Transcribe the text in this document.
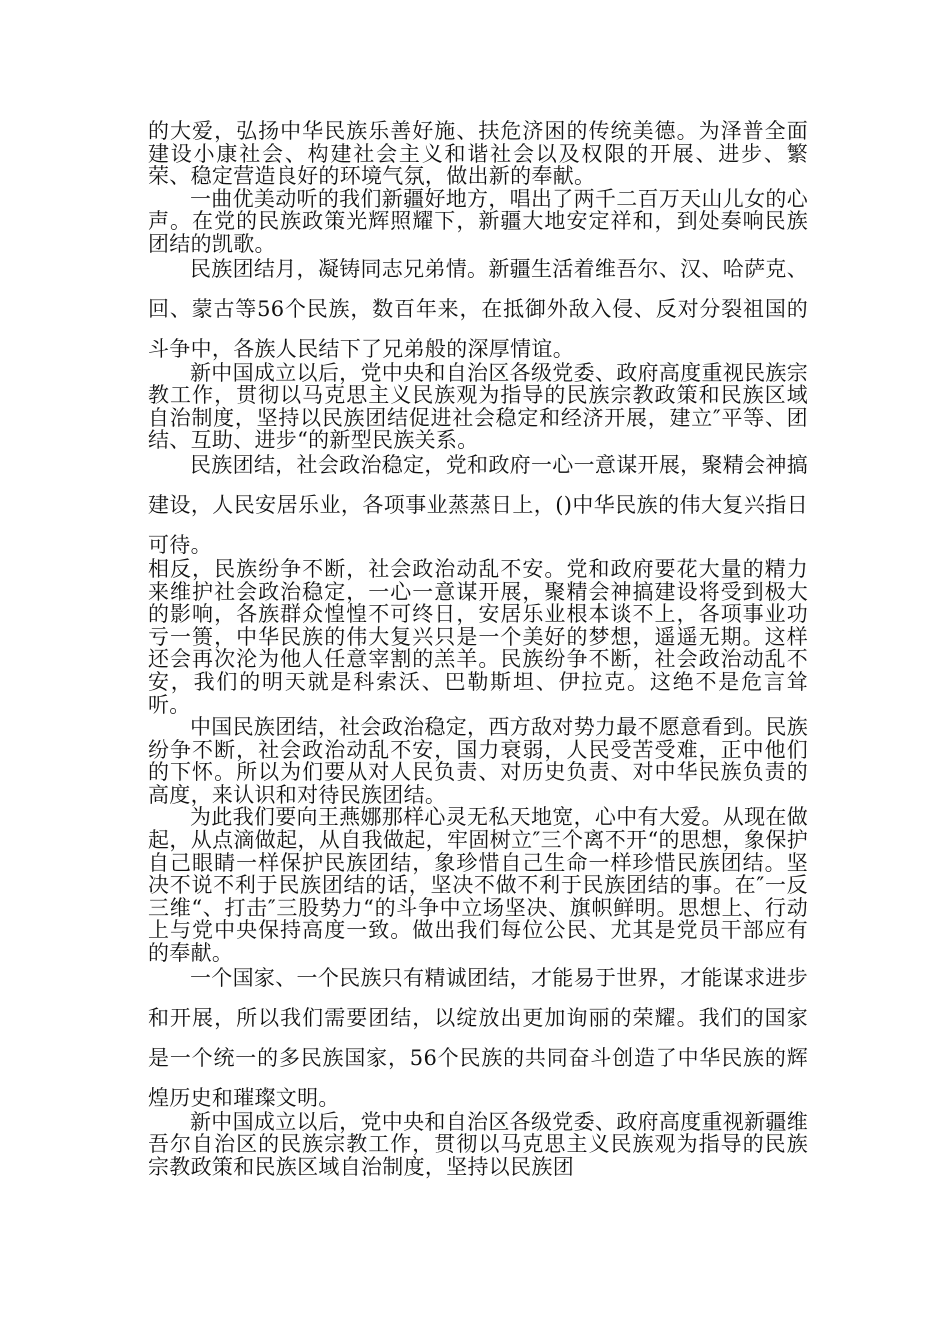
的大爱，弘扬中华民族乐善好施、扶危济困的传统美德。为泽普全面建设小康社会、构建社会主义和谐社会以及权限的开展、进步、繁荣、稳定营造良好的环境气氛，做出新的奉献。

一曲优美动听的我们新疆好地方，唱出了两千二百万天山儿女的心声。在党的民族政策光辉照耀下，新疆大地安定祥和，到处奏响民族团结的凯歌。

民族团结月，凝铸同志兄弟情。新疆生活着维吾尔、汉、哈萨克、回、蒙古等56个民族，数百年来，在抵御外敌入侵、反对分裂祖国的斗争中，各族人民结下了兄弟般的深厚情谊。

新中国成立以后，党中央和自治区各级党委、政府高度重视民族宗教工作，贯彻以马克思主义民族观为指导的民族宗教政策和民族区域自治制度，坚持以民族团结促进社会稳定和经济开展，建立″平等、团结、互助、进步“的新型民族关系。

民族团结，社会政治稳定，党和政府一心一意谋开展，聚精会神搞建设，人民安居乐业，各项事业蒸蒸日上，()中华民族的伟大复兴指日可待。

相反，民族纷争不断，社会政治动乱不安。党和政府要花大量的精力来维护社会政治稳定，一心一意谋开展，聚精会神搞建设将受到极大的影响，各族群众惶惶不可终日，安居乐业根本谈不上，各项事业功亏一篑，中华民族的伟大复兴只是一个美好的梦想，遥遥无期。这样还会再次沦为他人任意宰割的羔羊。民族纷争不断，社会政治动乱不安，我们的明天就是科索沃、巴勒斯坦、伊拉克。这绝不是危言耸听。

中国民族团结，社会政治稳定，西方敌对势力最不愿意看到。民族纷争不断，社会政治动乱不安，国力衰弱，人民受苦受难，正中他们的下怀。所以为们要从对人民负责、对历史负责、对中华民族负责的高度，来认识和对待民族团结。

为此我们要向王燕娜那样心灵无私天地宽，心中有大爱。从现在做起，从点滴做起，从自我做起，牢固树立″三个离不开“的思想，象保护自己眼睛一样保护民族团结，象珍惜自己生命一样珍惜民族团结。坚决不说不利于民族团结的话，坚决不做不利于民族团结的事。在″一反三维“、打击″三股势力“的斗争中立场坚决、旗帜鲜明。思想上、行动上与党中央保持高度一致。做出我们每位公民、尤其是党员干部应有的奉献。

一个国家、一个民族只有精诚团结，才能易于世界，才能谋求进步和开展，所以我们需要团结，以绽放出更加询丽的荣耀。我们的国家是一个统一的多民族国家，56个民族的共同奋斗创造了中华民族的辉煌历史和璀璨文明。

新中国成立以后，党中央和自治区各级党委、政府高度重视新疆维吾尔自治区的民族宗教工作，贯彻以马克思主义民族观为指导的民族宗教政策和民族区域自治制度，坚持以民族团
